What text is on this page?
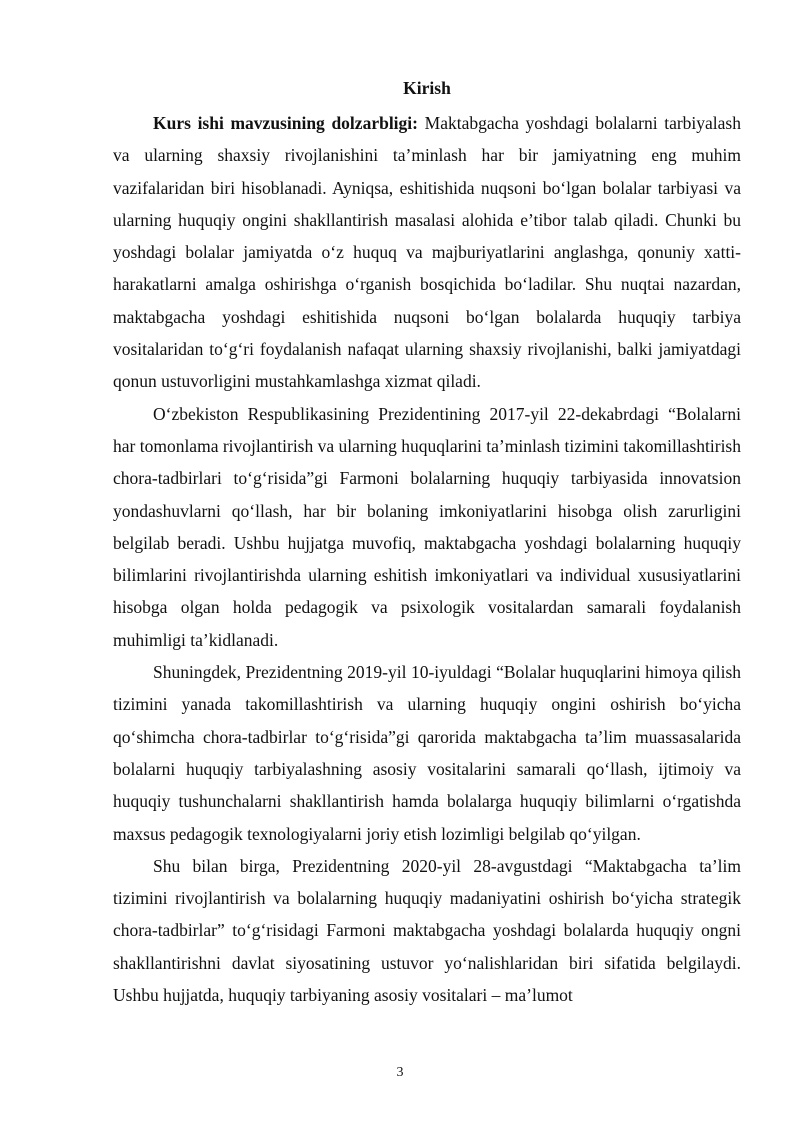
Kirish

Kurs ishi mavzusining dolzarbligi: Maktabgacha yoshdagi bolalarni tarbiyalash va ularning shaxsiy rivojlanishini ta’minlash har bir jamiyatning eng muhim vazifalaridan biri hisoblanadi. Ayniqsa, eshitishida nuqsoni bo‘lgan bolalar tarbiyasi va ularning huquqiy ongini shakllantirish masalasi alohida e’tibor talab qiladi. Chunki bu yoshdagi bolalar jamiyatda o‘z huquq va majburiyatlarini anglashga, qonuniy xatti-harakatlarni amalga oshirishga o‘rganish bosqichida bo‘ladilar. Shu nuqtai nazardan, maktabgacha yoshdagi eshitishida nuqsoni bo‘lgan bolalarda huquqiy tarbiya vositalaridan to‘g‘ri foydalanish nafaqat ularning shaxsiy rivojlanishi, balki jamiyatdagi qonun ustuvorligini mustahkamlashga xizmat qiladi.

O‘zbekiston Respublikasining Prezidentining 2017-yil 22-dekabrdagi “Bolalarni har tomonlama rivojlantirish va ularning huquqlarini ta’minlash tizimini takomillashtirish chora-tadbirlari to‘g‘risida”gi Farmoni bolalarning huquqiy tarbiyasida innovatsion yondashuvlarni qo‘llash, har bir bolaning imkoniyatlarini hisobga olish zarurligini belgilab beradi. Ushbu hujjatga muvofiq, maktabgacha yoshdagi bolalarning huquqiy bilimlarini rivojlantirishda ularning eshitish imkoniyatlari va individual xususiyatlarini hisobga olgan holda pedagogik va psixologik vositalardan samarali foydalanish muhimligi ta’kidlanadi.

Shuningdek, Prezidentning 2019-yil 10-iyuldagi “Bolalar huquqlarini himoya qilish tizimini yanada takomillashtirish va ularning huquqiy ongini oshirish bo‘yicha qo‘shimcha chora-tadbirlar to‘g‘risida”gi qarorida maktabgacha ta’lim muassasalarida bolalarni huquqiy tarbiyalashning asosiy vositalarini samarali qo‘llash, ijtimoiy va huquqiy tushunchalarni shakllantirish hamda bolalarga huquqiy bilimlarni o‘rgatishda maxsus pedagogik texnologiyalarni joriy etish lozimligi belgilab qo‘yilgan.

Shu bilan birga, Prezidentning 2020-yil 28-avgustdagi “Maktabgacha ta’lim tizimini rivojlantirish va bolalarning huquqiy madaniyatini oshirish bo‘yicha strategik chora-tadbirlar” to‘g‘risidagi Farmoni maktabgacha yoshdagi bolalarda huquqiy ongni shakllantirishni davlat siyosatining ustuvor yo‘nalishlaridan biri sifatida belgilaydi. Ushbu hujjatda, huquqiy tarbiyaning asosiy vositalari – ma’lumot

3
